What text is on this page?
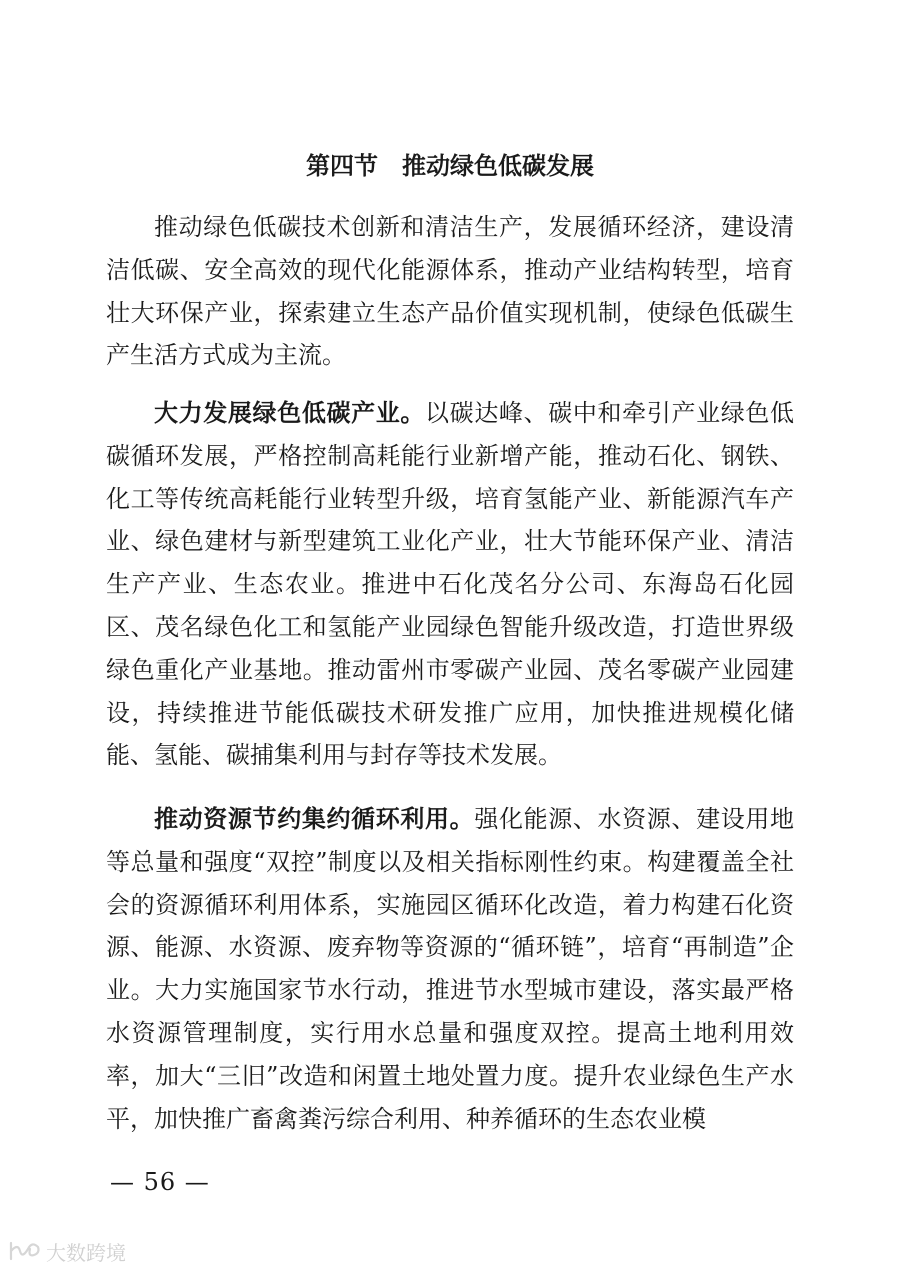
第四节　推动绿色低碳发展

推动绿色低碳技术创新和清洁生产，发展循环经济，建设清洁低碳、安全高效的现代化能源体系，推动产业结构转型，培育壮大环保产业，探索建立生态产品价值实现机制，使绿色低碳生产生活方式成为主流。

大力发展绿色低碳产业。以碳达峰、碳中和牵引产业绿色低碳循环发展，严格控制高耗能行业新增产能，推动石化、钢铁、化工等传统高耗能行业转型升级，培育氢能产业、新能源汽车产业、绿色建材与新型建筑工业化产业，壮大节能环保产业、清洁生产产业、生态农业。推进中石化茂名分公司、东海岛石化园区、茂名绿色化工和氢能产业园绿色智能升级改造，打造世界级绿色重化产业基地。推动雷州市零碳产业园、茂名零碳产业园建设，持续推进节能低碳技术研发推广应用，加快推进规模化储能、氢能、碳捕集利用与封存等技术发展。

推动资源节约集约循环利用。强化能源、水资源、建设用地等总量和强度“双控”制度以及相关指标刚性约束。构建覆盖全社会的资源循环利用体系，实施园区循环化改造，着力构建石化资源、能源、水资源、废弃物等资源的“循环链”，培育“再制造”企业。大力实施国家节水行动，推进节水型城市建设，落实最严格水资源管理制度，实行用水总量和强度双控。提高土地利用效率，加大“三旧”改造和闲置土地处置力度。提升农业绿色生产水平，加快推广畜禽粪污综合利用、种养循环的生态农业模

— 56 —
大数跨境
